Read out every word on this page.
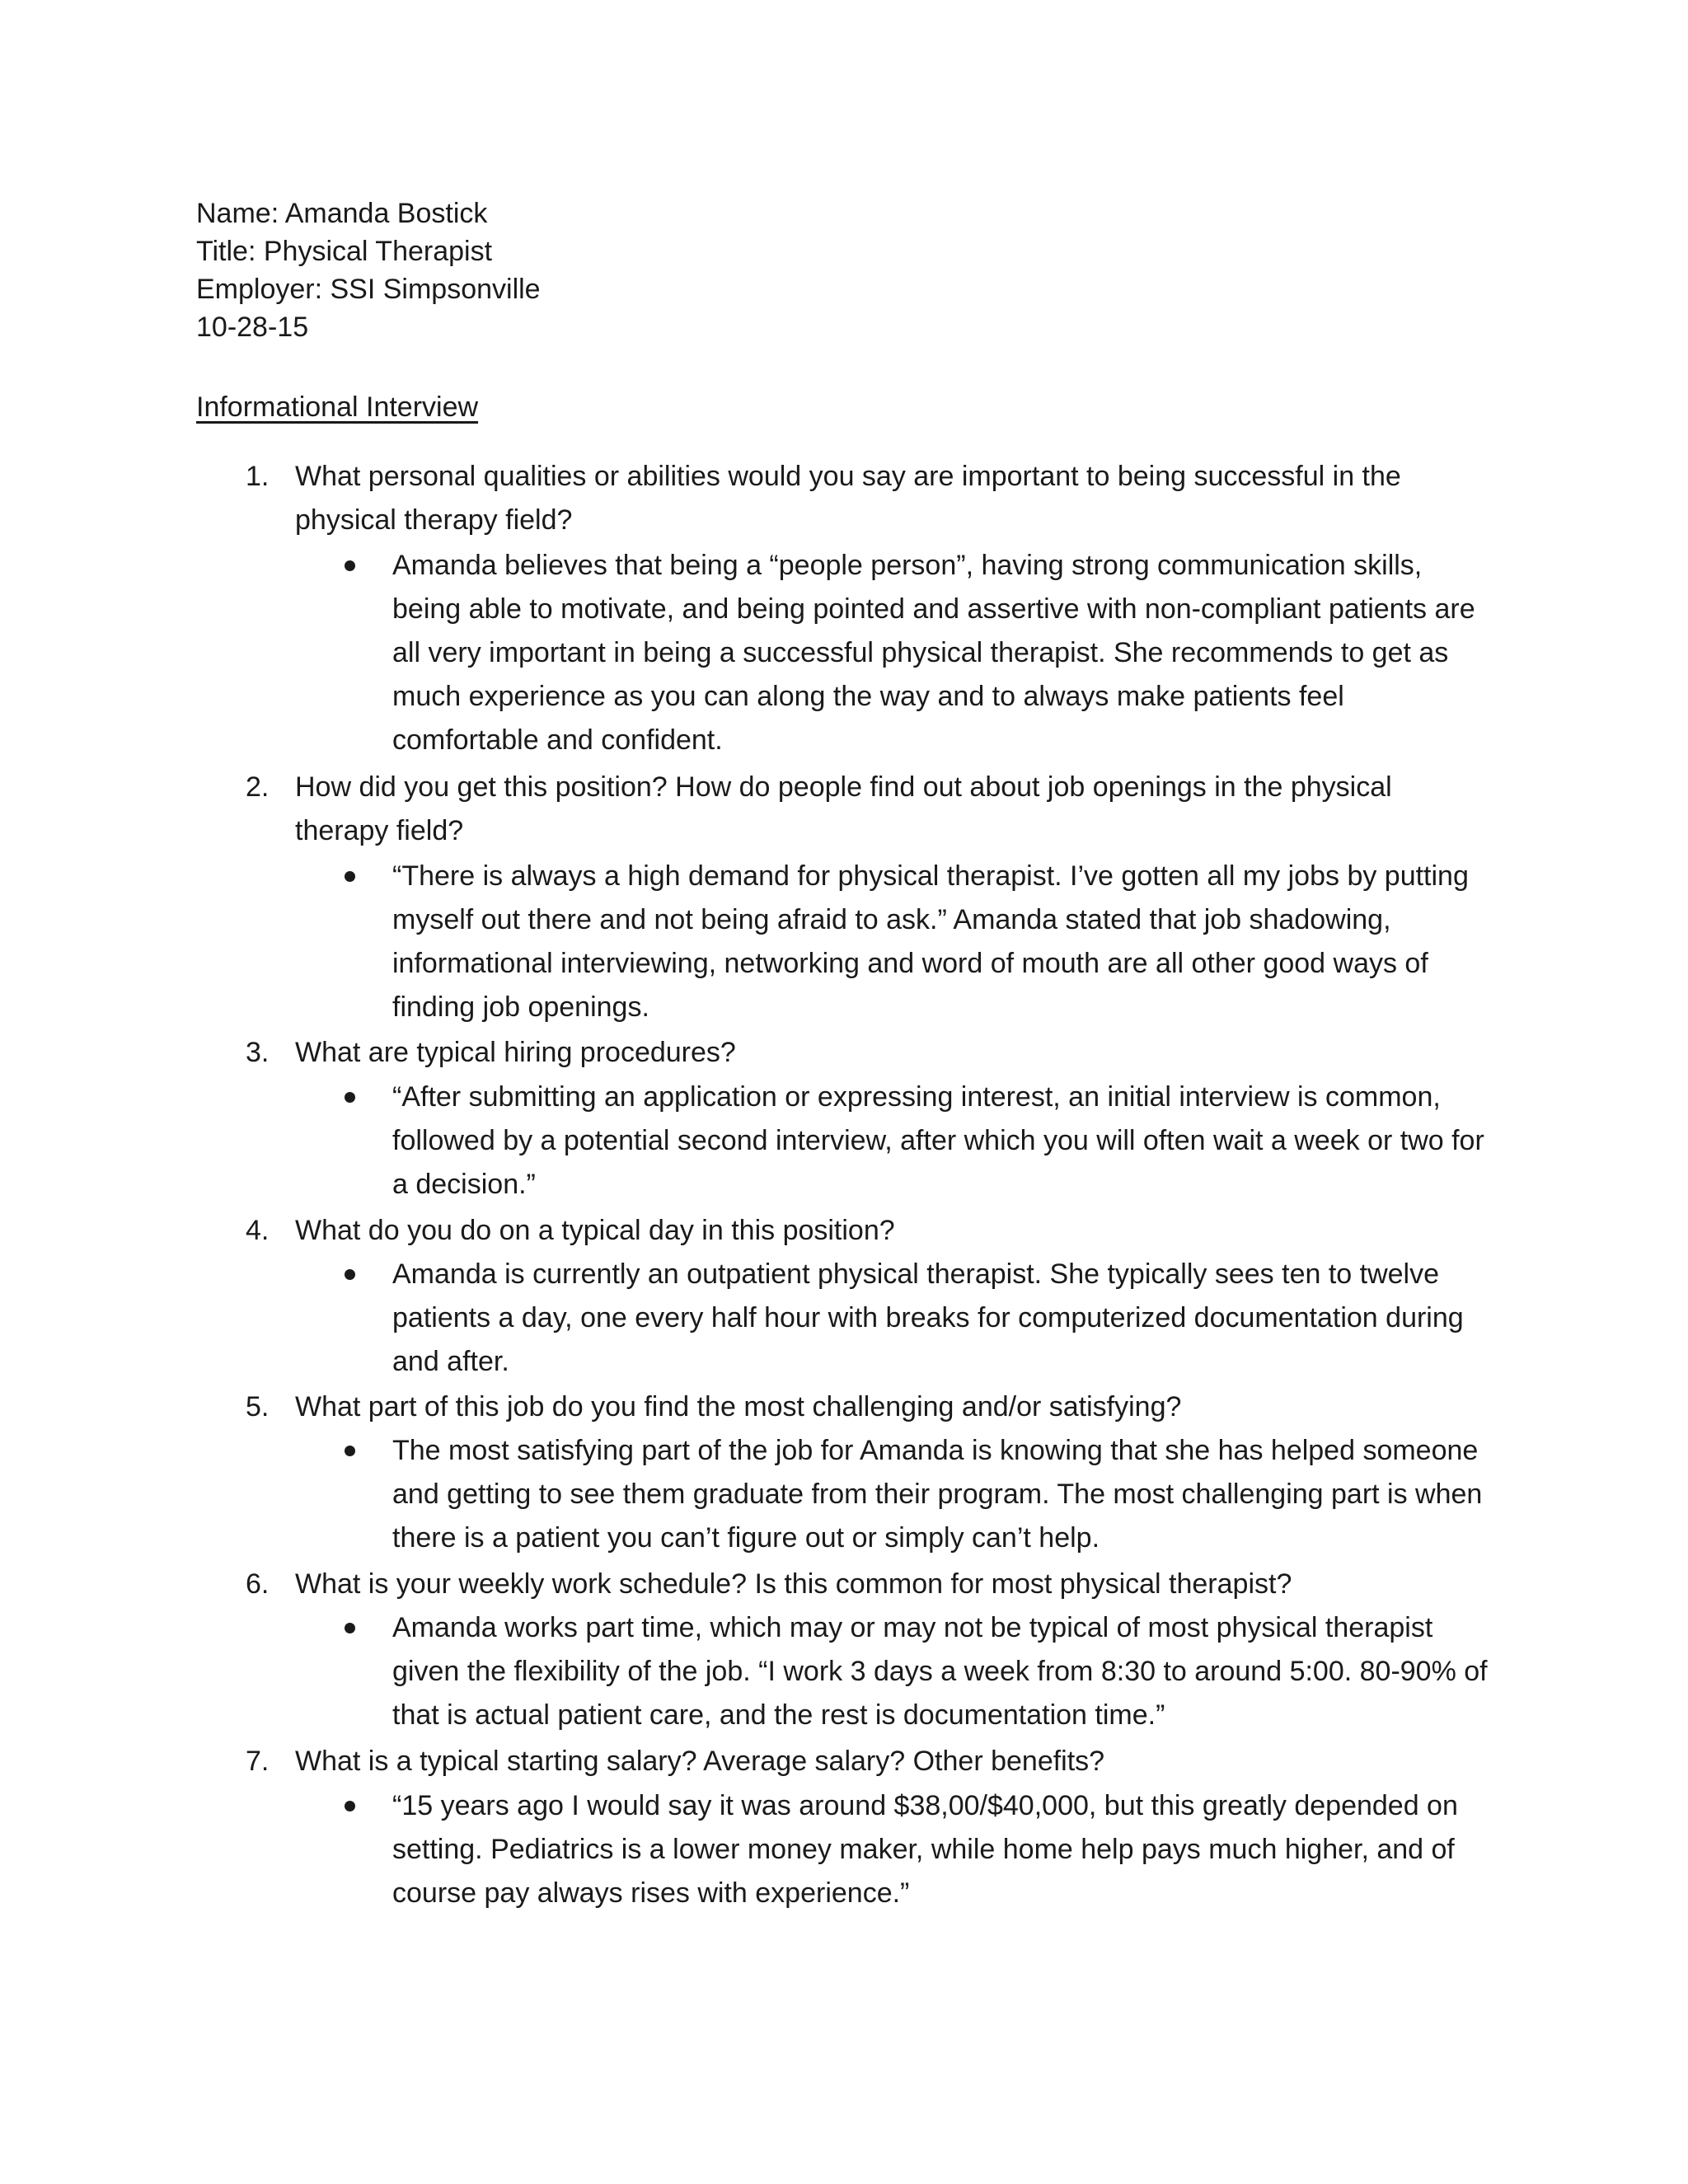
Name: Amanda Bostick
Title: Physical Therapist
Employer: SSI Simpsonville
10-28-15
Informational Interview
1. What personal qualities or abilities would you say are important to being successful in the physical therapy field?
Amanda believes that being a “people person”, having strong communication skills, being able to motivate, and being pointed and assertive with non-compliant patients are all very important in being a successful physical therapist. She recommends to get as much experience as you can along the way and to always make patients feel comfortable and confident.
2. How did you get this position? How do people find out about job openings in the physical therapy field?
“There is always a high demand for physical therapist. I’ve gotten all my jobs by putting myself out there and not being afraid to ask.” Amanda stated that job shadowing, informational interviewing, networking and word of mouth are all other good ways of finding job openings.
3. What are typical hiring procedures?
“After submitting an application or expressing interest, an initial interview is common, followed by a potential second interview, after which you will often wait a week or two for a decision.”
4. What do you do on a typical day in this position?
Amanda is currently an outpatient physical therapist. She typically sees ten to twelve patients a day, one every half hour with breaks for computerized documentation during and after.
5. What part of this job do you find the most challenging and/or satisfying?
The most satisfying part of the job for Amanda is knowing that she has helped someone and getting to see them graduate from their program. The most challenging part is when there is a patient you can’t figure out or simply can’t help.
6. What is your weekly work schedule? Is this common for most physical therapist?
Amanda works part time, which may or may not be typical of most physical therapist given the flexibility of the job. “I work 3 days a week from 8:30 to around 5:00. 80-90% of that is actual patient care, and the rest is documentation time.”
7. What is a typical starting salary? Average salary? Other benefits?
“15 years ago I would say it was around $38,00/$40,000, but this greatly depended on setting. Pediatrics is a lower money maker, while home help pays much higher, and of course pay always rises with experience.”
